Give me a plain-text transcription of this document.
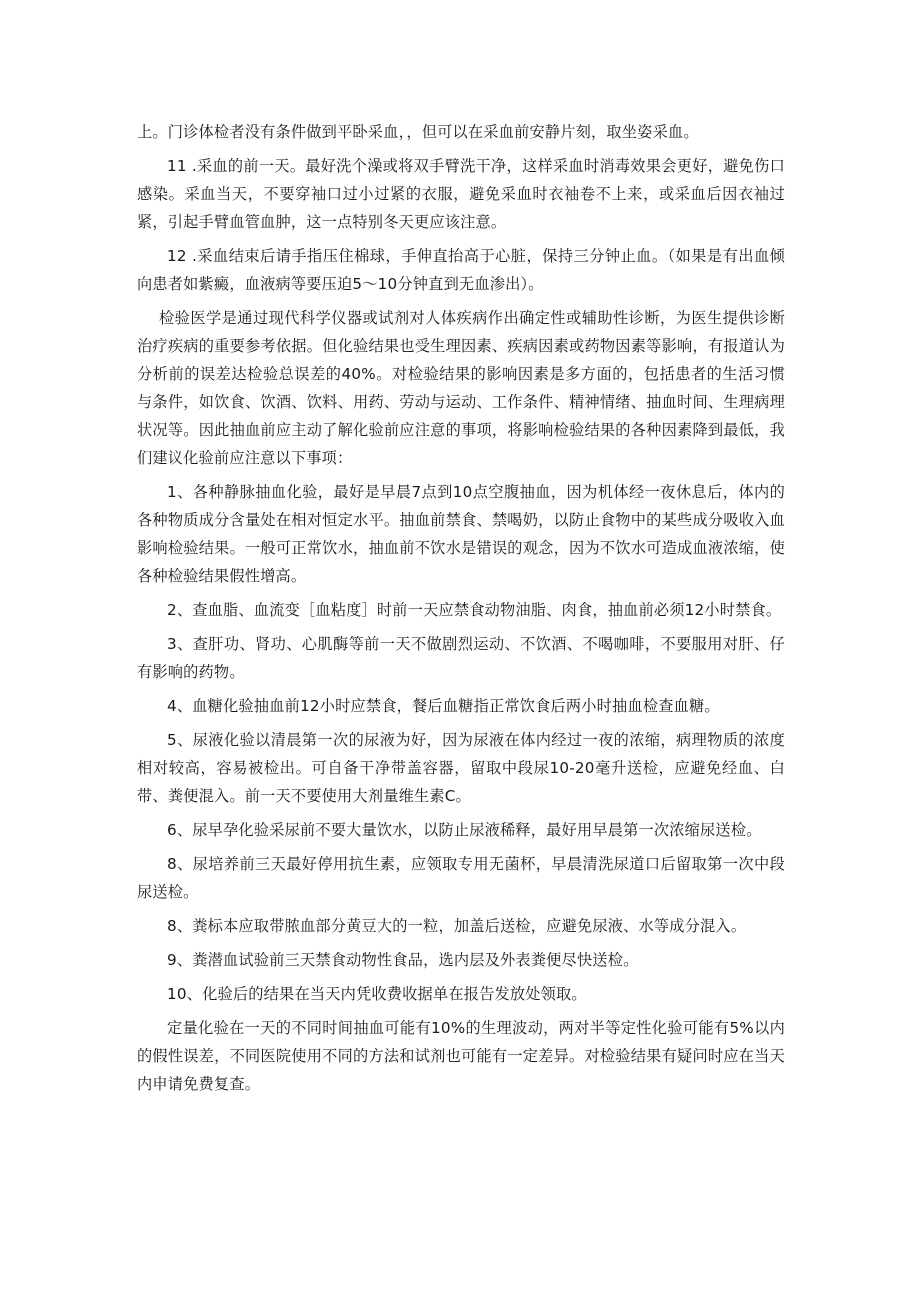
上。门诊体检者没有条件做到平卧采血，，但可以在采血前安静片刻，取坐姿采血。

11 .采血的前一天。最好洗个澡或将双手臂洗干净，这样采血时消毒效果会更好，避免伤口感染。采血当天，不要穿袖口过小过紧的衣服，避免采血时衣袖卷不上来，或采血后因衣袖过紧，引起手臂血管血肿，这一点特别冬天更应该注意。

12 .采血结束后请手指压住棉球，手伸直抬高于心脏，保持三分钟止血。（如果是有出血倾向患者如紫癜，血液病等要压迫5～10分钟直到无血渗出）。

检验医学是通过现代科学仪器或试剂对人体疾病作出确定性或辅助性诊断，为医生提供诊断治疗疾病的重要参考依据。但化验结果也受生理因素、疾病因素或药物因素等影响，有报道认为分析前的误差达检验总误差的40%。对检验结果的影响因素是多方面的，包括患者的生活习惯与条件，如饮食、饮酒、饮料、用药、劳动与运动、工作条件、精神情绪、抽血时间、生理病理状况等。因此抽血前应主动了解化验前应注意的事项，将影响检验结果的各种因素降到最低，我们建议化验前应注意以下事项：

1、各种静脉抽血化验，最好是早晨7点到10点空腹抽血，因为机体经一夜休息后，体内的各种物质成分含量处在相对恒定水平。抽血前禁食、禁喝奶，以防止食物中的某些成分吸收入血影响检验结果。一般可正常饮水，抽血前不饮水是错误的观念，因为不饮水可造成血液浓缩，使各种检验结果假性增高。

2、查血脂、血流变［血粘度］时前一天应禁食动物油脂、肉食，抽血前必须12小时禁食。

3、查肝功、肾功、心肌酶等前一天不做剧烈运动、不饮酒、不喝咖啡，不要服用对肝、仔有影响的药物。

4、血糖化验抽血前12小时应禁食，餐后血糖指正常饮食后两小时抽血检查血糖。

5、尿液化验以清晨第一次的尿液为好，因为尿液在体内经过一夜的浓缩，病理物质的浓度相对较高，容易被检出。可自备干净带盖容器，留取中段尿10-20毫升送检，应避免经血、白带、粪便混入。前一天不要使用大剂量维生素C。

6、尿早孕化验采尿前不要大量饮水，以防止尿液稀释，最好用早晨第一次浓缩尿送检。

8、尿培养前三天最好停用抗生素，应领取专用无菌杯，早晨清洗尿道口后留取第一次中段尿送检。

8、粪标本应取带脓血部分黄豆大的一粒，加盖后送检，应避免尿液、水等成分混入。

9、粪潜血试验前三天禁食动物性食品，选内层及外表粪便尽快送检。

10、化验后的结果在当天内凭收费收据单在报告发放处领取。

定量化验在一天的不同时间抽血可能有10%的生理波动，两对半等定性化验可能有5%以内的假性误差，不同医院使用不同的方法和试剂也可能有一定差异。对检验结果有疑问时应在当天内申请免费复查。
